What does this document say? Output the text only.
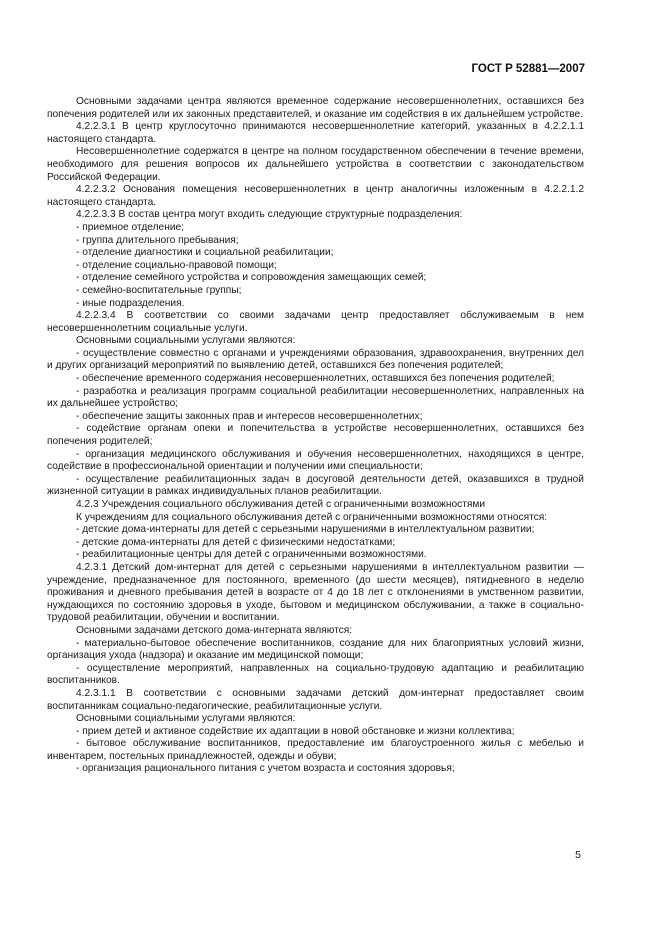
ГОСТ Р 52881—2007

Основными задачами центра являются временное содержание несовершеннолетних, оставшихся без попечения родителей или их законных представителей, и оказание им содействия в их дальнейшем устройстве.

4.2.2.3.1 В центр круглосуточно принимаются несовершеннолетние категорий, указанных в 4.2.2.1.1 настоящего стандарта.

Несовершеннолетние содержатся в центре на полном государственном обеспечении в течение времени, необходимого для решения вопросов их дальнейшего устройства в соответствии с законодательством Российской Федерации.

4.2.2.3.2 Основания помещения несовершеннолетних в центр аналогичны изложенным в 4.2.2.1.2 настоящего стандарта.

4.2.2.3.3 В состав центра могут входить следующие структурные подразделения:

- приемное отделение;

- группа длительного пребывания;

- отделение диагностики и социальной реабилитации;

- отделение социально-правовой помощи;

- отделение семейного устройства и сопровождения замещающих семей;

- семейно-воспитательные группы;

- иные подразделения.

4.2.2.3.4 В соответствии со своими задачами центр предоставляет обслуживаемым в нем несовершеннолетним социальные услуги.

Основными социальными услугами являются:

- осуществление совместно с органами и учреждениями образования, здравоохранения, внутренних дел и других организаций мероприятий по выявлению детей, оставшихся без попечения родителей;

- обеспечение временного содержания несовершеннолетних, оставшихся без попечения родителей;

- разработка и реализация программ социальной реабилитации несовершеннолетних, направленных на их дальнейшее устройство;

- обеспечение защиты законных прав и интересов несовершеннолетних;

- содействие органам опеки и попечительства в устройстве несовершеннолетних, оставшихся без попечения родителей;

- организация медицинского обслуживания и обучения несовершеннолетних, находящихся в центре, содействие в профессиональной ориентации и получении ими специальности;

- осуществление реабилитационных задач в досуговой деятельности детей, оказавшихся в трудной жизненной ситуации в рамках индивидуальных планов реабилитации.

4.2.3 Учреждения социального обслуживания детей с ограниченными возможностями

К учреждениям для социального обслуживания детей с ограниченными возможностями относятся:

- детские дома-интернаты для детей с серьезными нарушениями в интеллектуальном развитии;

- детские дома-интернаты для детей с физическими недостатками;

- реабилитационные центры для детей с ограниченными возможностями.

4.2.3.1 Детский дом-интернат для детей с серьезными нарушениями в интеллектуальном развитии — учреждение, предназначенное для постоянного, временного (до шести месяцев), пятидневного в неделю проживания и дневного пребывания детей в возрасте от 4 до 18 лет с отклонениями в умственном развитии, нуждающихся по состоянию здоровья в уходе, бытовом и медицинском обслуживании, а также в социально-трудовой реабилитации, обучении и воспитании.

Основными задачами детского дома-интерната являются:

- материально-бытовое обеспечение воспитанников, создание для них благоприятных условий жизни, организация ухода (надзора) и оказание им медицинской помощи;

- осуществление мероприятий, направленных на социально-трудовую адаптацию и реабилитацию воспитанников.

4.2.3.1.1 В соответствии с основными задачами детский дом-интернат предоставляет своим воспитанникам социально-педагогические, реабилитационные услуги.

Основными социальными услугами являются:

- прием детей и активное содействие их адаптации в новой обстановке и жизни коллектива;

- бытовое обслуживание воспитанников, предоставление им благоустроенного жилья с мебелью и инвентарем, постельных принадлежностей, одежды и обуви;

- организация рационального питания с учетом возраста и состояния здоровья;

5
